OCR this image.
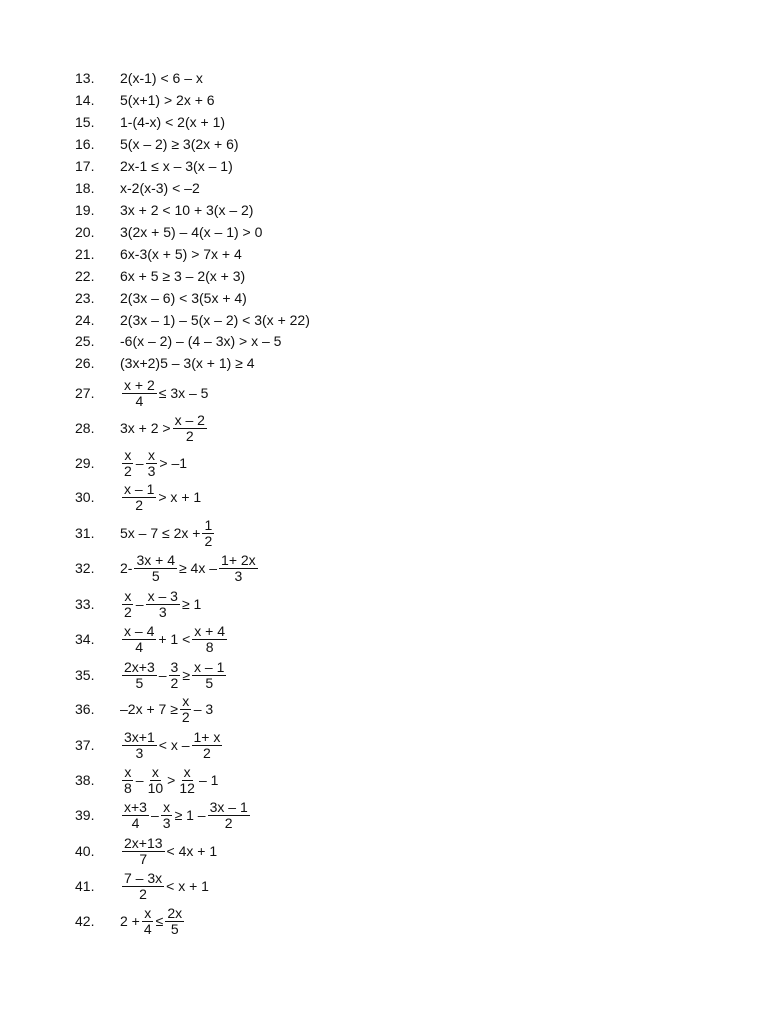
13.	2(x-1) < 6 – x
14.	5(x+1) > 2x + 6
15.	1-(4-x) < 2(x + 1)
16.	5(x – 2) ≥ 3(2x + 6)
17.	2x-1 ≤ x – 3(x – 1)
18.	x-2(x-3) < –2
19.	3x + 2 < 10 + 3(x – 2)
20.	3(2x + 5) – 4(x – 1) > 0
21.	6x-3(x + 5) > 7x + 4
22.	6x + 5 ≥ 3 – 2(x + 3)
23.	2(3x – 6) < 3(5x + 4)
24.	2(3x – 1) – 5(x – 2) < 3(x + 22)
25.	-6(x – 2) – (4 – 3x) > x – 5
26.	(3x+2)5 – 3(x + 1) ≥ 4
27.	$\frac{x + 2}{4} \le 3x - 5$
28.	$3x + 2 > \frac{x - 2}{2}$
29.	$\frac{x}{2} - \frac{x}{3} > -1$
30.	$\frac{x - 1}{2} > x + 1$
31.	$5x - 7 \le 2x + \frac{1}{2}$
32.	$2- \frac{3x + 4}{5} \ge 4x - \frac{1+ 2x}{3}$
33.	$\frac{x}{2} - \frac{x - 3}{3} \ge 1$
34.	$\frac{x - 4}{4} + 1 < \frac{x + 4}{8}$
35.	$\frac{2x+3}{5} - \frac{3}{2} \ge \frac{x - 1}{5}$
36.	$-2x + 7 \ge \frac{x}{2} - 3$
37.	$\frac{3x+1}{3} < x - \frac{1+ x}{2}$
38.	$\frac{x}{8} - \frac{x}{10} > \frac{x}{12} - 1$
39.	$\frac{x+3}{4} - \frac{x}{3} \ge 1 - \frac{3x - 1}{2}$
40.	$\frac{2x+13}{7} < 4x + 1$
41.	$\frac{7 - 3x}{2} < x + 1$
42.	$2 + \frac{x}{4} \le \frac{2x}{5}$
